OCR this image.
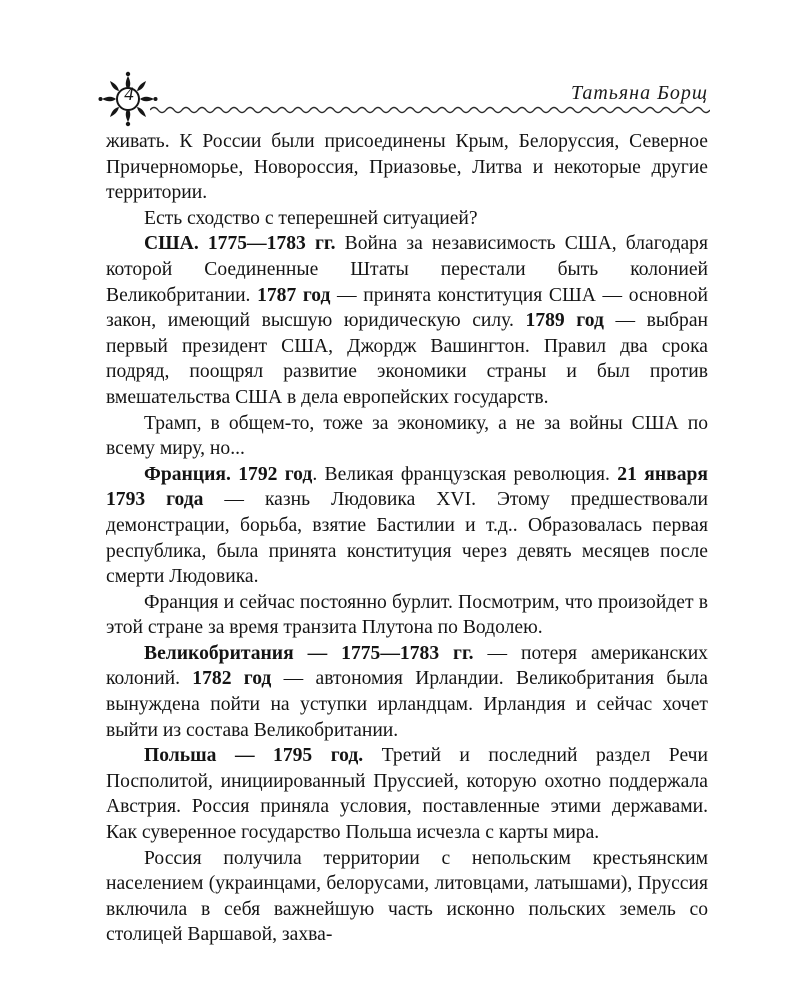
4	Татьяна Борщ

живать. К России были присоединены Крым, Белоруссия, Северное Причерноморье, Новороссия, Приазовье, Литва и некоторые другие территории.

Есть сходство с теперешней ситуацией?

США. 1775—1783 гг. Война за независимость США, благодаря которой Соединенные Штаты перестали быть колонией Великобритании. 1787 год — принята конституция США — основной закон, имеющий высшую юридическую силу. 1789 год — выбран первый президент США, Джордж Вашингтон. Правил два срока подряд, поощрял развитие экономики страны и был против вмешательства США в дела европейских государств.

Трамп, в общем-то, тоже за экономику, а не за войны США по всему миру, но...

Франция. 1792 год. Великая французская революция. 21 января 1793 года — казнь Людовика XVI. Этому предшествовали демонстрации, борьба, взятие Бастилии и т.д.. Образовалась первая республика, была принята конституция через девять месяцев после смерти Людовика.

Франция и сейчас постоянно бурлит. Посмотрим, что произойдет в этой стране за время транзита Плутона по Водолею.

Великобритания — 1775—1783 гг. — потеря американских колоний. 1782 год — автономия Ирландии. Великобритания была вынуждена пойти на уступки ирландцам. Ирландия и сейчас хочет выйти из состава Великобритании.

Польша — 1795 год. Третий и последний раздел Речи Посполитой, инициированный Пруссией, которую охотно поддержала Австрия. Россия приняла условия, поставленные этими державами. Как суверенное государство Польша исчезла с карты мира.

Россия получила территории с непольским крестьянским населением (украинцами, белорусами, литовцами, латышами), Пруссия включила в себя важнейшую часть исконно польских земель со столицей Варшавой, захва-
